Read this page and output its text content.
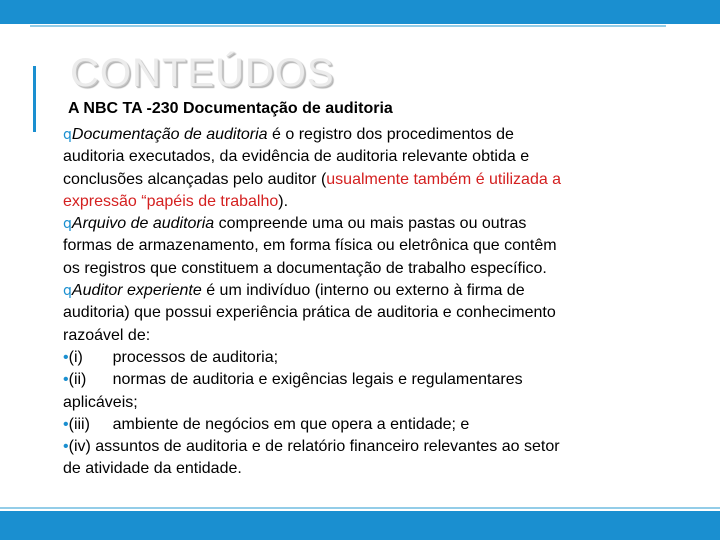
CONTEÚDOS
A NBC TA -230 Documentação de auditoria
qDocumentação de auditoria é o registro dos procedimentos de
auditoria executados, da evidência de auditoria relevante obtida e
conclusões alcançadas pelo auditor (usualmente também é utilizada a
expressão “papéis de trabalho).
qArquivo de auditoria compreende uma ou mais pastas ou outras
formas de armazenamento, em forma física ou eletrônica que contêm
os registros que constituem a documentação de trabalho específico.
qAuditor experiente é um indivíduo (interno ou externo à firma de
auditoria) que possui experiência prática de auditoria e conhecimento
razoável de:
•(i) processos de auditoria;
•(ii) normas de auditoria e exigências legais e regulamentares
aplicáveis;
•(iii) ambiente de negócios em que opera a entidade; e
•(iv) assuntos de auditoria e de relatório financeiro relevantes ao setor
de atividade da entidade.
